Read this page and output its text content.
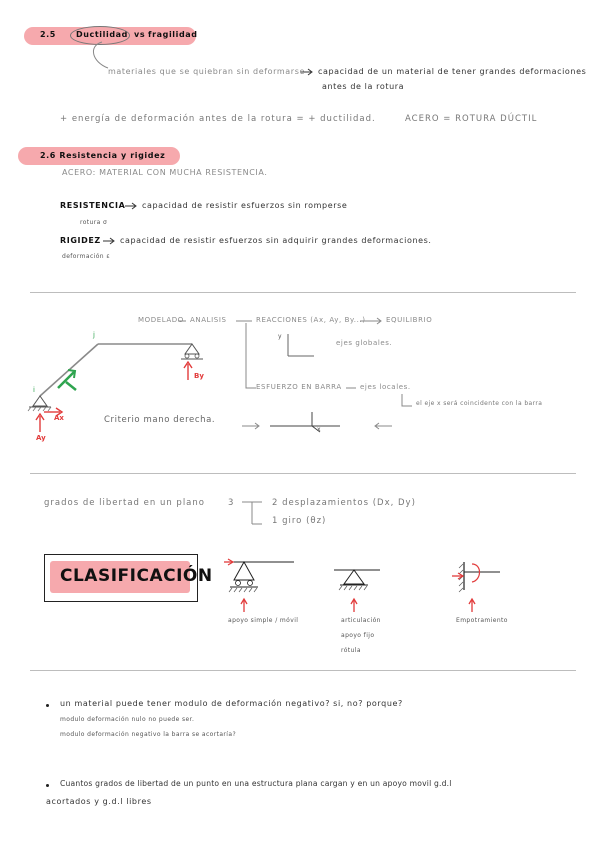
2.5	Ductilidad vs fragilidad
materiales que se quiebran sin deformarse capacidad de un material de tener grandes deformaciones
antes de la rotura
+ energía de deformación antes de la rotura = + ductilidad.	ACERO = ROTURA DÚCTIL
2.6 Resistencia y rigidez
ACERO: MATERIAL CON MUCHA RESISTENCIA.
RESISTENCIA capacidad de resistir esfuerzos sin romperse
rotura σ
RIGIDEZ capacidad de resistir esfuerzos sin adquirir grandes deformaciones.
deformación ε
j
i
By
Ax
Ay
y
x
MODELADO ANALISIS	REACCIONES (Ax, Ay, By...)	EQUILIBRIO
ejes globales.
ESFUERZO EN BARRA	ejes locales.
el eje x será coincidente con la barra
Criterio mano derecha.
grados de libertad en un plano	3	2 desplazamientos (Dx, Dy)
1 giro (θz)
CLASIFICACIÓN
apoyo simple / móvil	articulación
apoyo fijo
rótula
Empotramiento
un material puede tener modulo de deformación negativo? si, no? porque?
modulo deformación nulo no puede ser.
modulo deformación negativo la barra se acortaría?
Cuantos grados de libertad de un punto en una estructura plana cargan y en un apoyo movil g.d.l
acortados y g.d.l libres
